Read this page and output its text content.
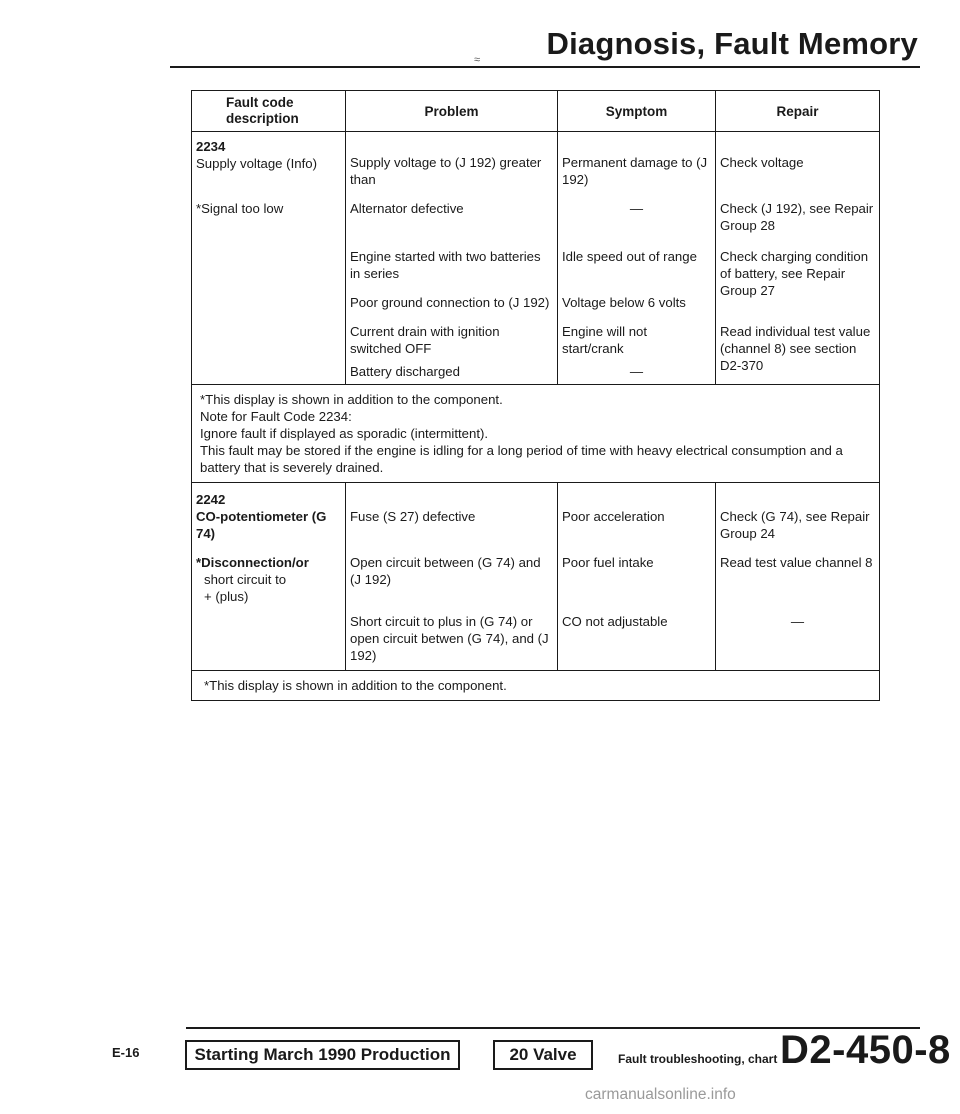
Diagnosis, Fault Memory
≈
Fault code description	Problem	Symptom	Repair

2234
Supply voltage (Info)	Supply voltage to (J 192) greater than	Permanent damage to (J 192)	Check voltage
*Signal too low	Alternator defective	—	Check (J 192), see Repair Group 28
	Engine started with two batteries in series	Idle speed out of range	Check charging condition of battery, see Repair Group 27
	Poor ground connection to (J 192)	Voltage below 6 volts	
	Current drain with ignition switched OFF	Engine will not start/crank	Read individual test value (channel 8) see section D2-370
	Battery discharged	—	

*This display is shown in addition to the component.
Note for Fault Code 2234:
Ignore fault if displayed as sporadic (intermittent).
This fault may be stored if the engine is idling for a long period of time with heavy electrical consumption and a battery that is severely drained.			

2242
CO-potentiometer (G 74)	Fuse (S 27) defective	Poor acceleration	Check (G 74), see Repair Group 24

*Disconnection/or
short circuit to
+ (plus)	Open circuit between (G 74) and (J 192)	Poor fuel intake	Read test value channel 8
	Short circuit to plus in (G 74) or open circuit betwen (G 74), and (J 192)	CO not adjustable	—
*This display is shown in addition to the component.			
E-16	Starting March 1990 Production	20 Valve	Fault troubleshooting, chart D2-450-8
carmanualsonline.info
